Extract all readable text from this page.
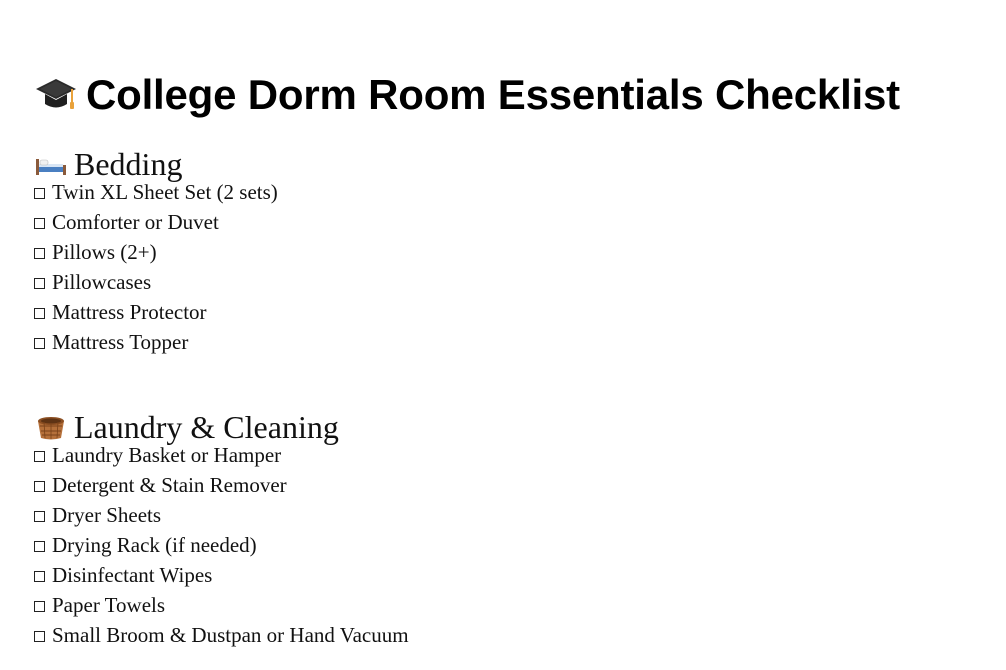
College Dorm Room Essentials Checklist
Bedding
Twin XL Sheet Set (2 sets)
Comforter or Duvet
Pillows (2+)
Pillowcases
Mattress Protector
Mattress Topper
Laundry & Cleaning
Laundry Basket or Hamper
Detergent & Stain Remover
Dryer Sheets
Drying Rack (if needed)
Disinfectant Wipes
Paper Towels
Small Broom & Dustpan or Hand Vacuum
